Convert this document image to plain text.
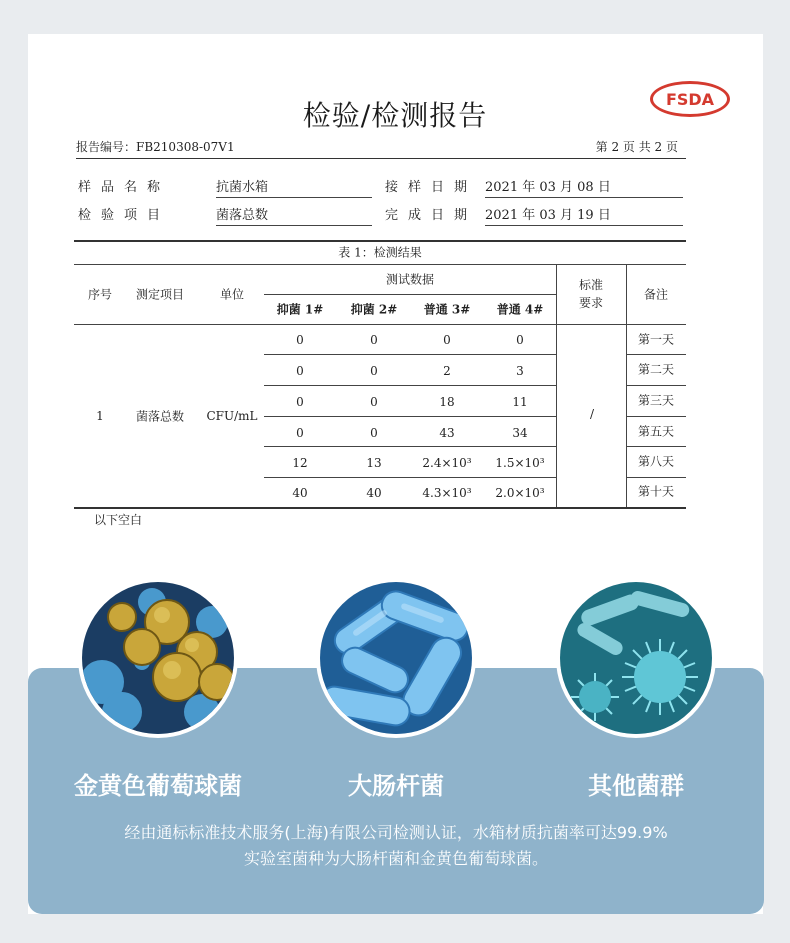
检验/检测报告	FSDA
报告编号：FB210308-07V1	第 2 页 共 2 页
样品名称	抗菌水箱	接样日期 2021 年 03 月 08 日
检验项目	菌落总数	完成日期 2021 年 03 月 19 日
表 1：检测结果
序号 测定项目	单位
测试数据	标准要求
备注
抑菌 1# 抑菌 2# 普通 3# 普通 4#
1	菌落总数 CFU/mL	/
0	0	0	0	第一天
0	0	2	3	第二天
0	0	18	11	第三天
0	0	43	34	第五天
12	13	2.4×10³ 1.5×10³	第八天
40	40	4.3×10³ 2.0×10³	第十天
以下空白
金黄色葡萄球菌	大肠杆菌	其他菌群
经由通标标准技术服务(上海)有限公司检测认证，水箱材质抗菌率可达99.9%
实验室菌种为大肠杆菌和金黄色葡萄球菌。
